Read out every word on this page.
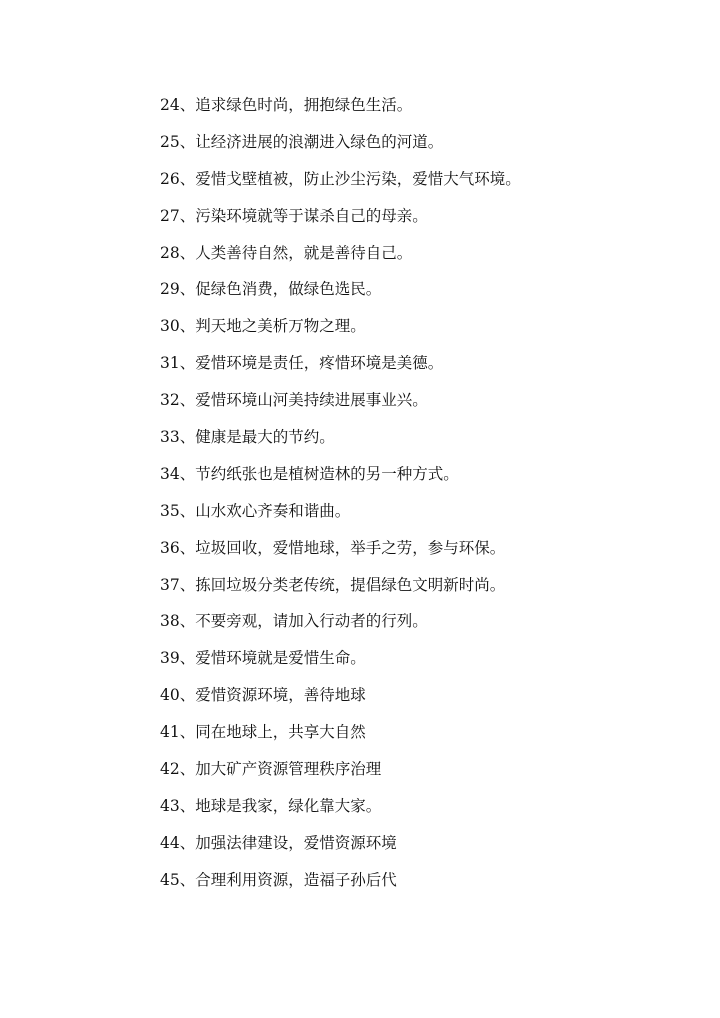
24、追求绿色时尚，拥抱绿色生活。
25、让经济进展的浪潮进入绿色的河道。
26、爱惜戈壁植被，防止沙尘污染，爱惜大气环境。
27、污染环境就等于谋杀自己的母亲。
28、人类善待自然，就是善待自己。
29、促绿色消费，做绿色选民。
30、判天地之美析万物之理。
31、爱惜环境是责任，疼惜环境是美德。
32、爱惜环境山河美持续进展事业兴。
33、健康是最大的节约。
34、节约纸张也是植树造林的另一种方式。
35、山水欢心齐奏和谐曲。
36、垃圾回收，爱惜地球，举手之劳，参与环保。
37、拣回垃圾分类老传统，提倡绿色文明新时尚。
38、不要旁观，请加入行动者的行列。
39、爱惜环境就是爱惜生命。
40、爱惜资源环境，善待地球
41、同在地球上，共享大自然
42、加大矿产资源管理秩序治理
43、地球是我家，绿化靠大家。
44、加强法律建设，爱惜资源环境
45、合理利用资源，造福子孙后代
